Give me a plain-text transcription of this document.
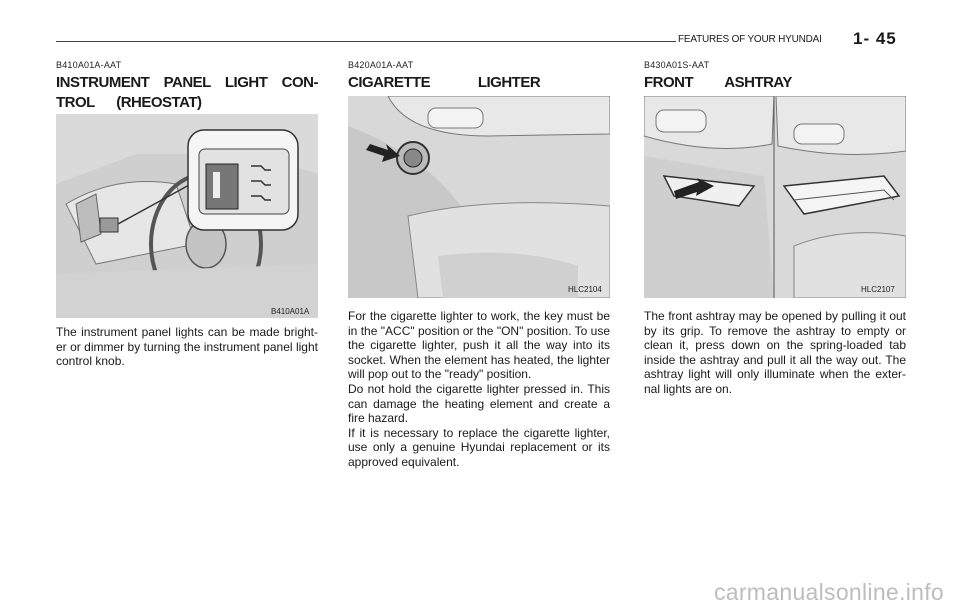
FEATURES OF YOUR HYUNDAI 1- 45
B410A01A-AAT
INSTRUMENT PANEL LIGHT CON-
TROL (RHEOSTAT)
B410A01A

The instrument panel lights can be made bright-er or dimmer by turning the instrument panel light control knob.

B420A01A-AAT
CIGARETTE LIGHTER
HLC2104

For the cigarette lighter to work, the key must be in the "ACC" position or the "ON" position. To use the cigarette lighter, push it all the way into its socket. When the element has heated, the lighter will pop out to the "ready" position.

Do not hold the cigarette lighter pressed in. This can damage the heating element and create a fire hazard.

If it is necessary to replace the cigarette lighter, use only a genuine Hyundai replacement or its approved equivalent.

B430A01S-AAT
FRONT ASHTRAY
HLC2107

The front ashtray may be opened by pulling it out by its grip. To remove the ashtray to empty or clean it, press down on the spring-loaded tab inside the ashtray and pull it all the way out. The ashtray light will only illuminate when the exter-nal lights are on.

carmanualsonline.info
